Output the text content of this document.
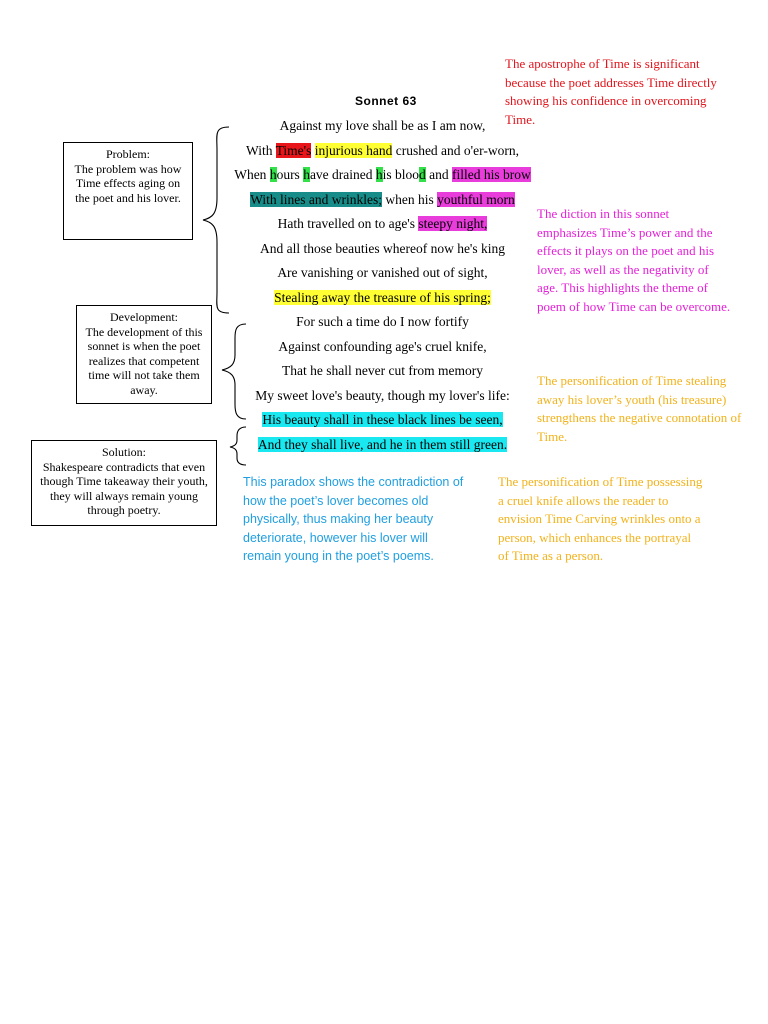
Sonnet 63
Against my love shall be as I am now,
With Time's injurious hand crushed and o'er-worn,
When hours have drained his blood and filled his brow
With lines and wrinkles; when his youthful morn
Hath travelled on to age's steepy night,
And all those beauties whereof now he's king
Are vanishing or vanished out of sight,
Stealing away the treasure of his spring;
For such a time do I now fortify
Against confounding age's cruel knife,
That he shall never cut from memory
My sweet love's beauty, though my lover's life:
His beauty shall in these black lines be seen,
And they shall live, and he in them still green.
Problem:
The problem was how Time effects aging on the poet and his lover.
Development:
The development of this sonnet is when the poet realizes that competent time will not take them away.
Solution:
Shakespeare contradicts that even though Time takeaway their youth, they will always remain young through poetry.
The apostrophe of Time is significant because the poet addresses Time directly showing his confidence in overcoming Time.
The diction in this sonnet emphasizes Time’s power and the effects it plays on the poet and his lover, as well as the negativity of age. This highlights the theme of poem of how Time can be overcome.
The personification of Time stealing away his lover’s youth (his treasure) strengthens the negative connotation of Time.
The personification of Time possessing a cruel knife allows the reader to envision Time Carving wrinkles onto a person, which enhances the portrayal of Time as a person.
This paradox shows the contradiction of how the poet’s lover becomes old physically, thus making her beauty deteriorate, however his lover will remain young in the poet’s poems.
